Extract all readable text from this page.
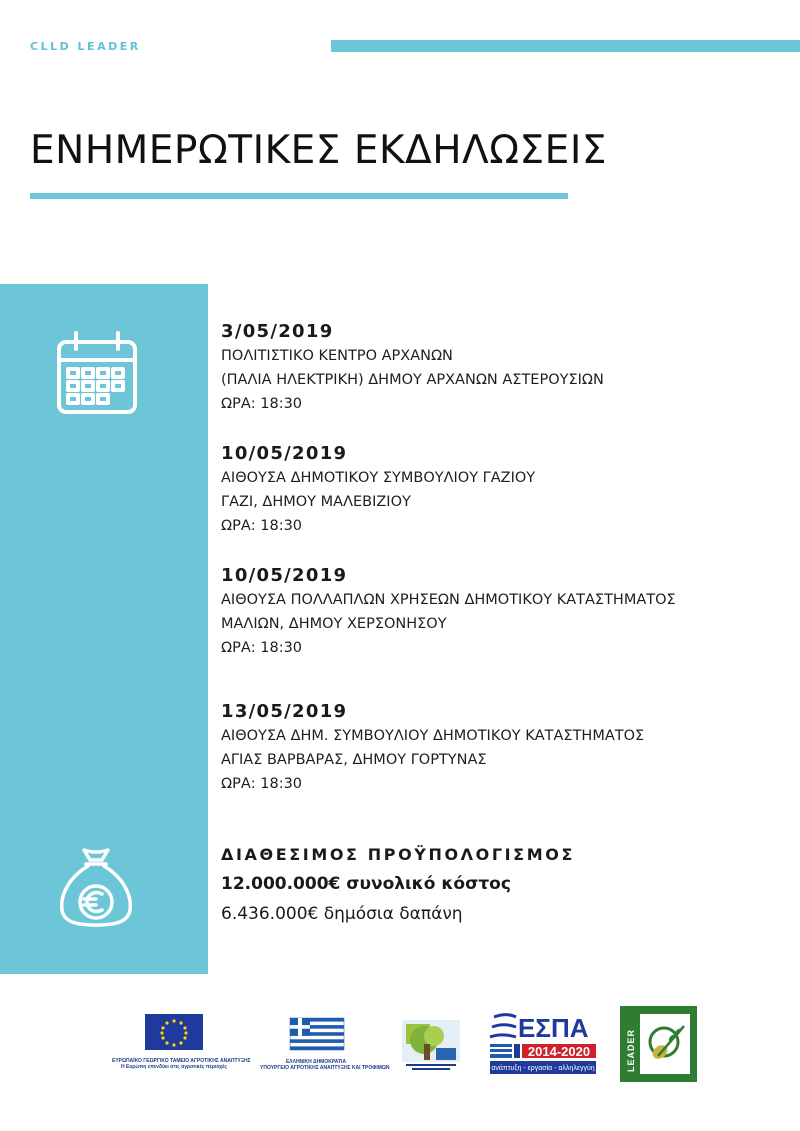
CLLD LEADER
ΕΝΗΜΕΡΩΤΙΚΕΣ ΕΚΔΗΛΩΣΕΙΣ
3/05/2019
ΠΟΛΙΤΙΣΤΙΚΟ ΚΕΝΤΡΟ ΑΡΧΑΝΩΝ
(ΠΑΛΙΑ ΗΛΕΚΤΡΙΚΗ) ΔΗΜΟΥ ΑΡΧΑΝΩΝ ΑΣΤΕΡΟΥΣΙΩΝ
ΩΡΑ: 18:30
10/05/2019
ΑΙΘΟΥΣΑ ΔΗΜΟΤΙΚΟΥ ΣΥΜΒΟΥΛΙΟΥ ΓΑΖΙΟΥ
ΓΑΖΙ, ΔΗΜΟΥ ΜΑΛΕΒΙΖΙΟΥ
ΩΡΑ: 18:30
10/05/2019
ΑΙΘΟΥΣΑ ΠΟΛΛΑΠΛΩΝ ΧΡΗΣΕΩΝ ΔΗΜΟΤΙΚΟΥ ΚΑΤΑΣΤΗΜΑΤΟΣ
ΜΑΛΙΩΝ, ΔΗΜΟΥ ΧΕΡΣΟΝΗΣΟΥ
ΩΡΑ: 18:30
13/05/2019
ΑΙΘΟΥΣΑ ΔΗΜ. ΣΥΜΒΟΥΛΙΟΥ ΔΗΜΟΤΙΚΟΥ ΚΑΤΑΣΤΗΜΑΤΟΣ
ΑΓΙΑΣ ΒΑΡΒΑΡΑΣ, ΔΗΜΟΥ ΓΟΡΤΥΝΑΣ
ΩΡΑ: 18:30
ΔΙΑΘΕΣΙΜΟΣ ΠΡΟΫΠΟΛΟΓΙΣΜΟΣ
12.000.000€ συνολικό κόστος
6.436.000€ δημόσια δαπάνη
ΕΥΡΩΠΑΪΚΟ ΓΕΩΡΓΙΚΟ ΤΑΜΕΙΟ ΑΓΡΟΤΙΚΗΣ ΑΝΑΠΤΥΞΗΣ
Η Ευρώπη επενδύει στις αγροτικές περιοχές
ΕΛΛΗΝΙΚΗ ΔΗΜΟΚΡΑΤΙΑ
ΥΠΟΥΡΓΕΙΟ ΑΓΡΟΤΙΚΗΣ ΑΝΑΠΤΥΞΗΣ ΚΑΙ ΤΡΟΦΙΜΩΝ
ΕΣΠΑ
2014-2020
ανάπτυξη - εργασία - αλληλεγγύη	LEADER
